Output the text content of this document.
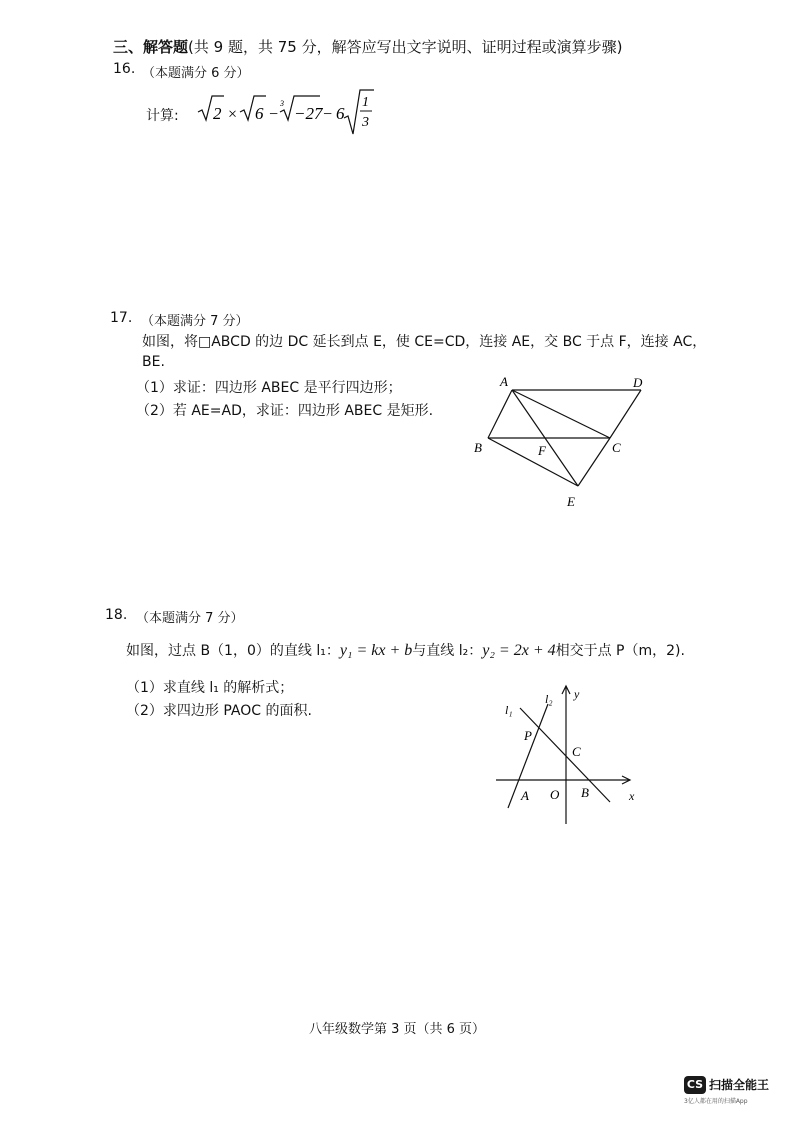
三、解答题(共 9 题，共 75 分，解答应写出文字说明、证明过程或演算步骤)
16. （本题满分 6 分）
计算: 2 × 6 −
3
−27 − 6
1
3
17. （本题满分 7 分）
如图，将□ABCD 的边 DC 延长到点 E，使 CE=CD，连接 AE，交 BC 于点 F，连接 AC，
BE.
（1）求证：四边形 ABEC 是平行四边形；
（2）若 AE=AD，求证：四边形 ABEC 是矩形.
A	D
B	C
F
E
18. （本题满分 7 分）
如图，过点 B（1，0）的直线 l₁：y₁ = kx + b与直线 l₂：y₂ = 2x + 4相交于点 P（m，2).
（1）求直线 l₁ 的解析式；
（2）求四边形 PAOC 的面积.
y
x
l₁
l₂
P
C
A O B
八年级数学第 3 页（共 6 页）
CS 扫描全能王
3亿人都在用的扫描App
